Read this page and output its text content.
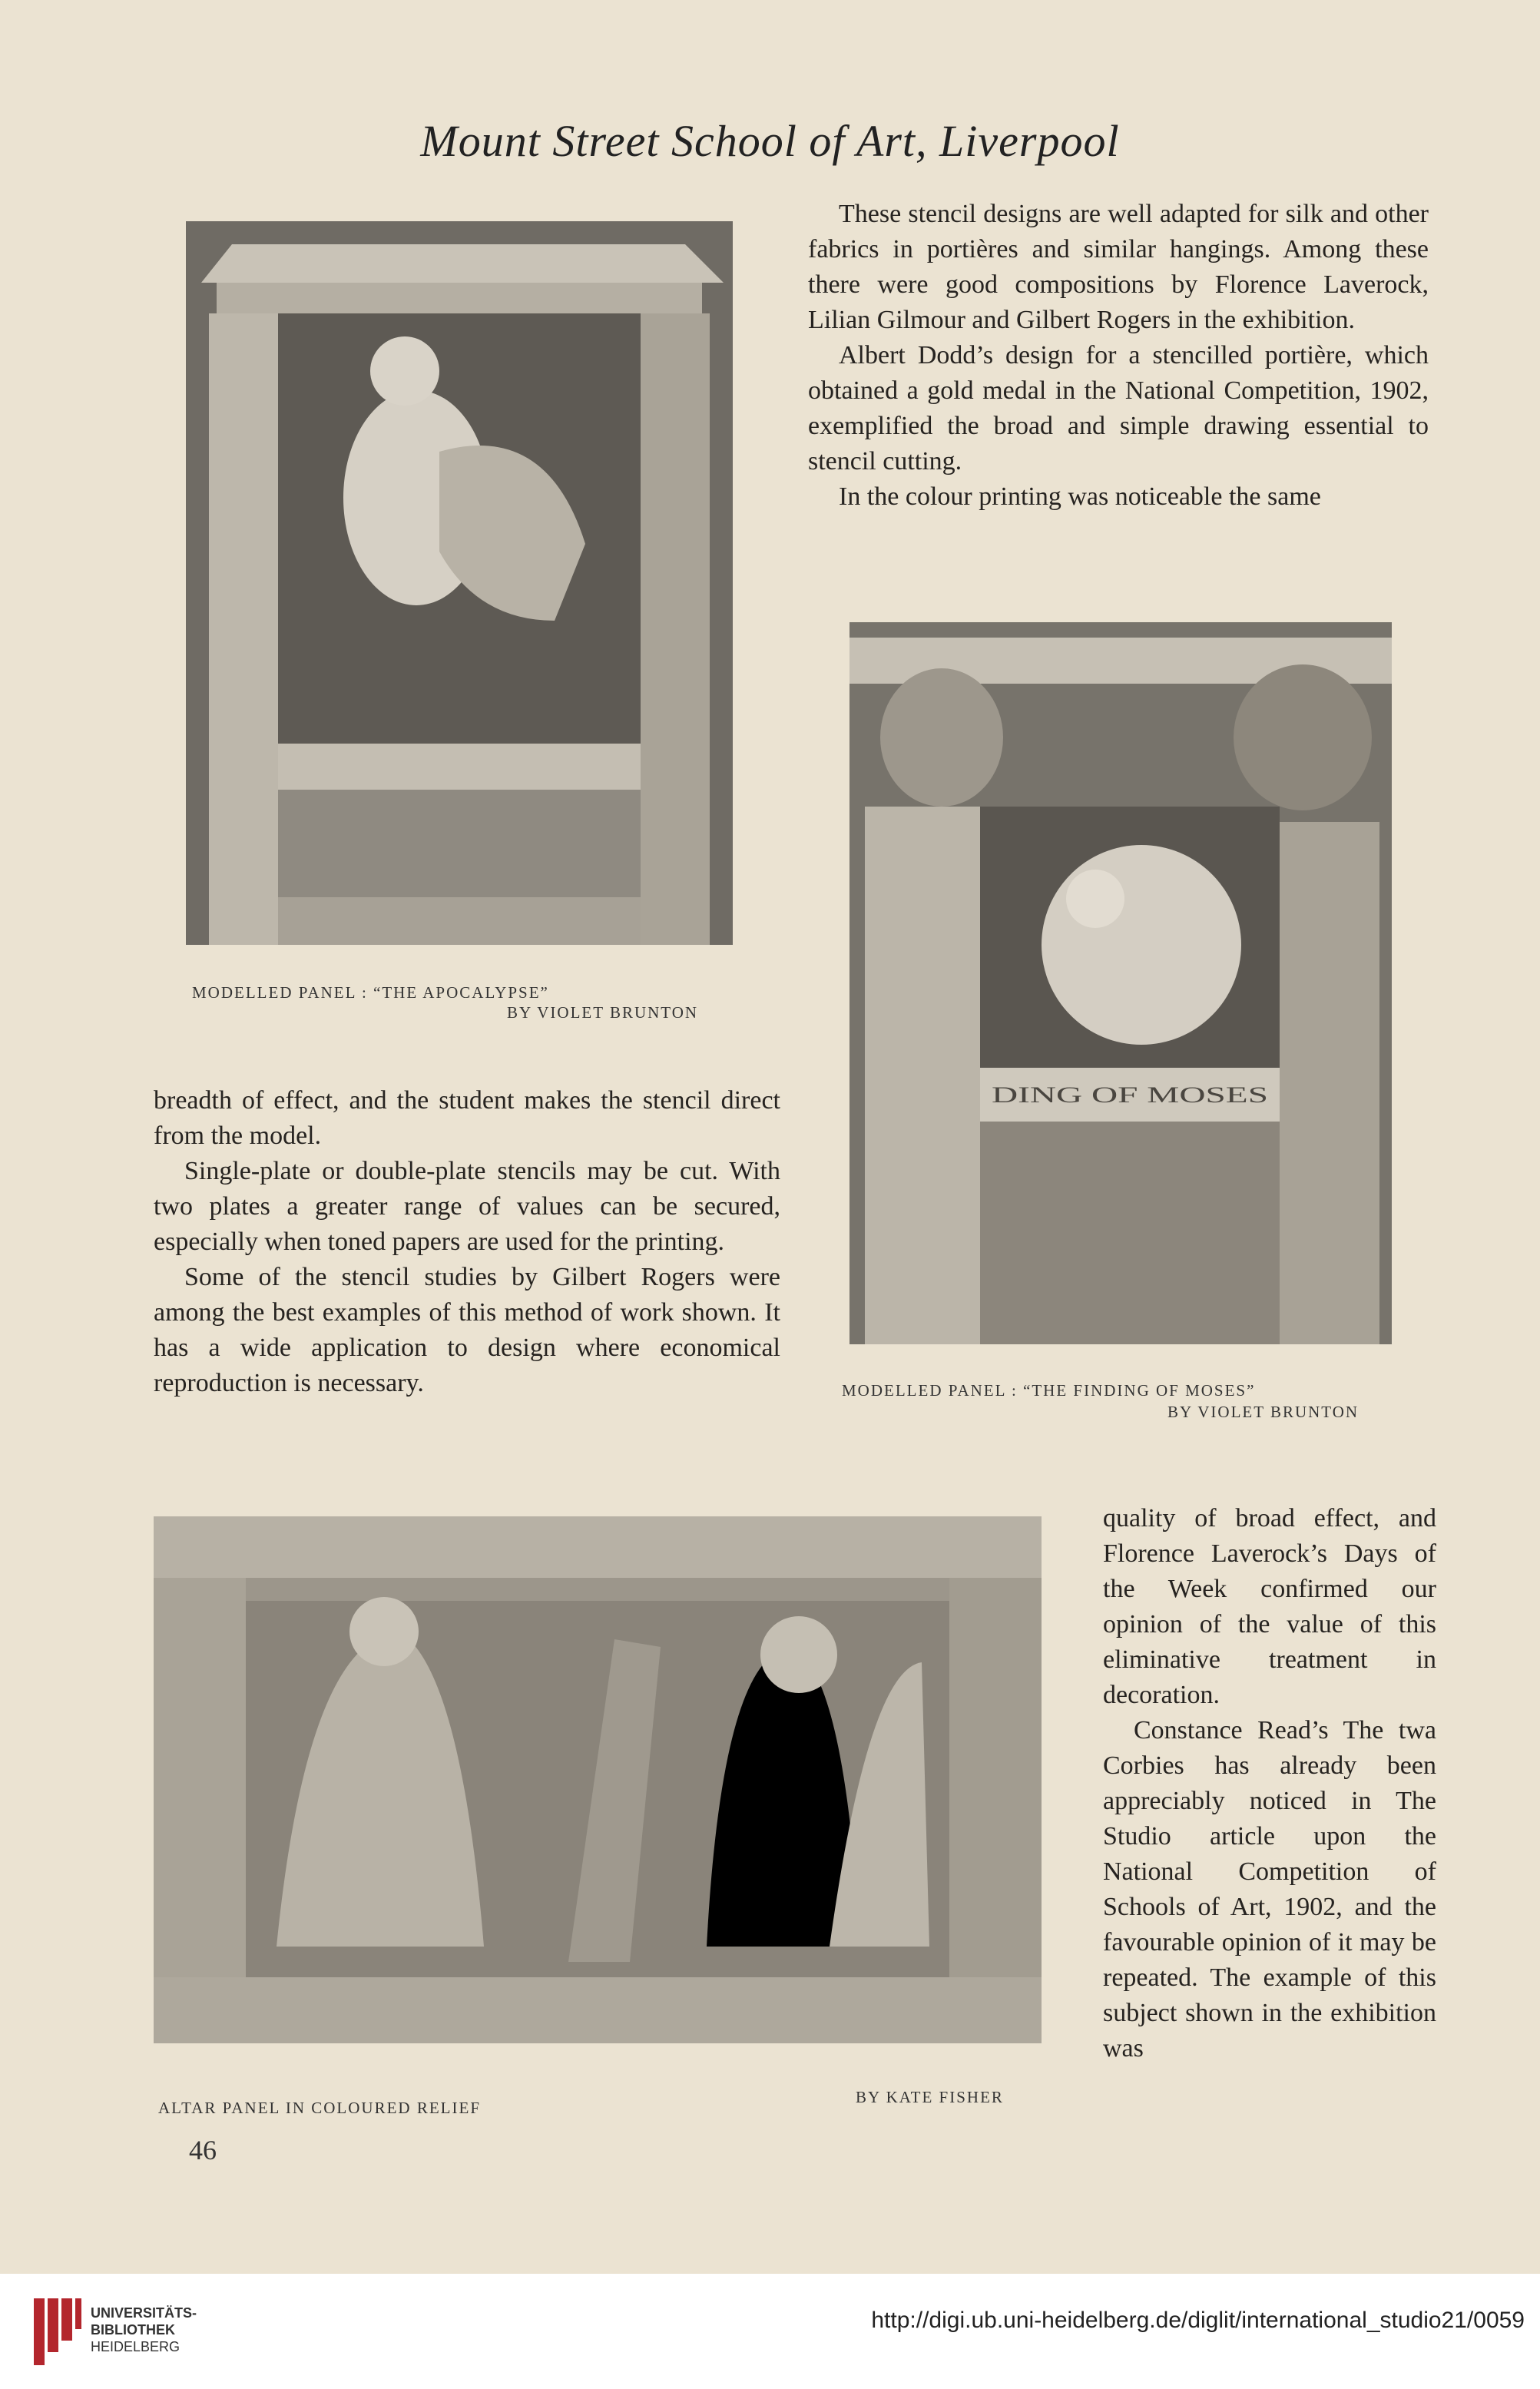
Mount Street School of Art, Liverpool
MODELLED PANEL : “THE APOCALYPSE”
BY VIOLET BRUNTON

These stencil designs are well adapted for silk and other fabrics in portières and similar hangings. Among these there were good compositions by Florence Laverock, Lilian Gilmour and Gilbert Rogers in the exhibition.

Albert Dodd’s design for a stencilled portière, which obtained a gold medal in the National Competition, 1902, exemplified the broad and simple drawing essential to stencil cutting.

In the colour printing was noticeable the same

DING OF MOSES
MODELLED PANEL : “THE FINDING OF MOSES”
BY VIOLET BRUNTON

breadth of effect, and the student makes the stencil direct from the model.

Single-plate or double-plate stencils may be cut. With two plates a greater range of values can be secured, especially when toned papers are used for the printing.

Some of the stencil studies by Gilbert Rogers were among the best examples of this method of work shown. It has a wide application to design where economical reproduction is necessary.

ALTAR PANEL IN COLOURED RELIEF
BY KATE FISHER

quality of broad effect, and Florence Laverock’s Days of the Week confirmed our opinion of the value of this eliminative treatment in decoration.

Constance Read’s The twa Corbies has already been appreciably noticed in The Studio article upon the National Competition of Schools of Art, 1902, and the favourable opinion of it may be repeated. The example of this subject shown in the exhibition was

46
UNIVERSITÄTS-
BIBLIOTHEK
HEIDELBERG
http://digi.ub.uni-heidelberg.de/diglit/international_studio21/0059
